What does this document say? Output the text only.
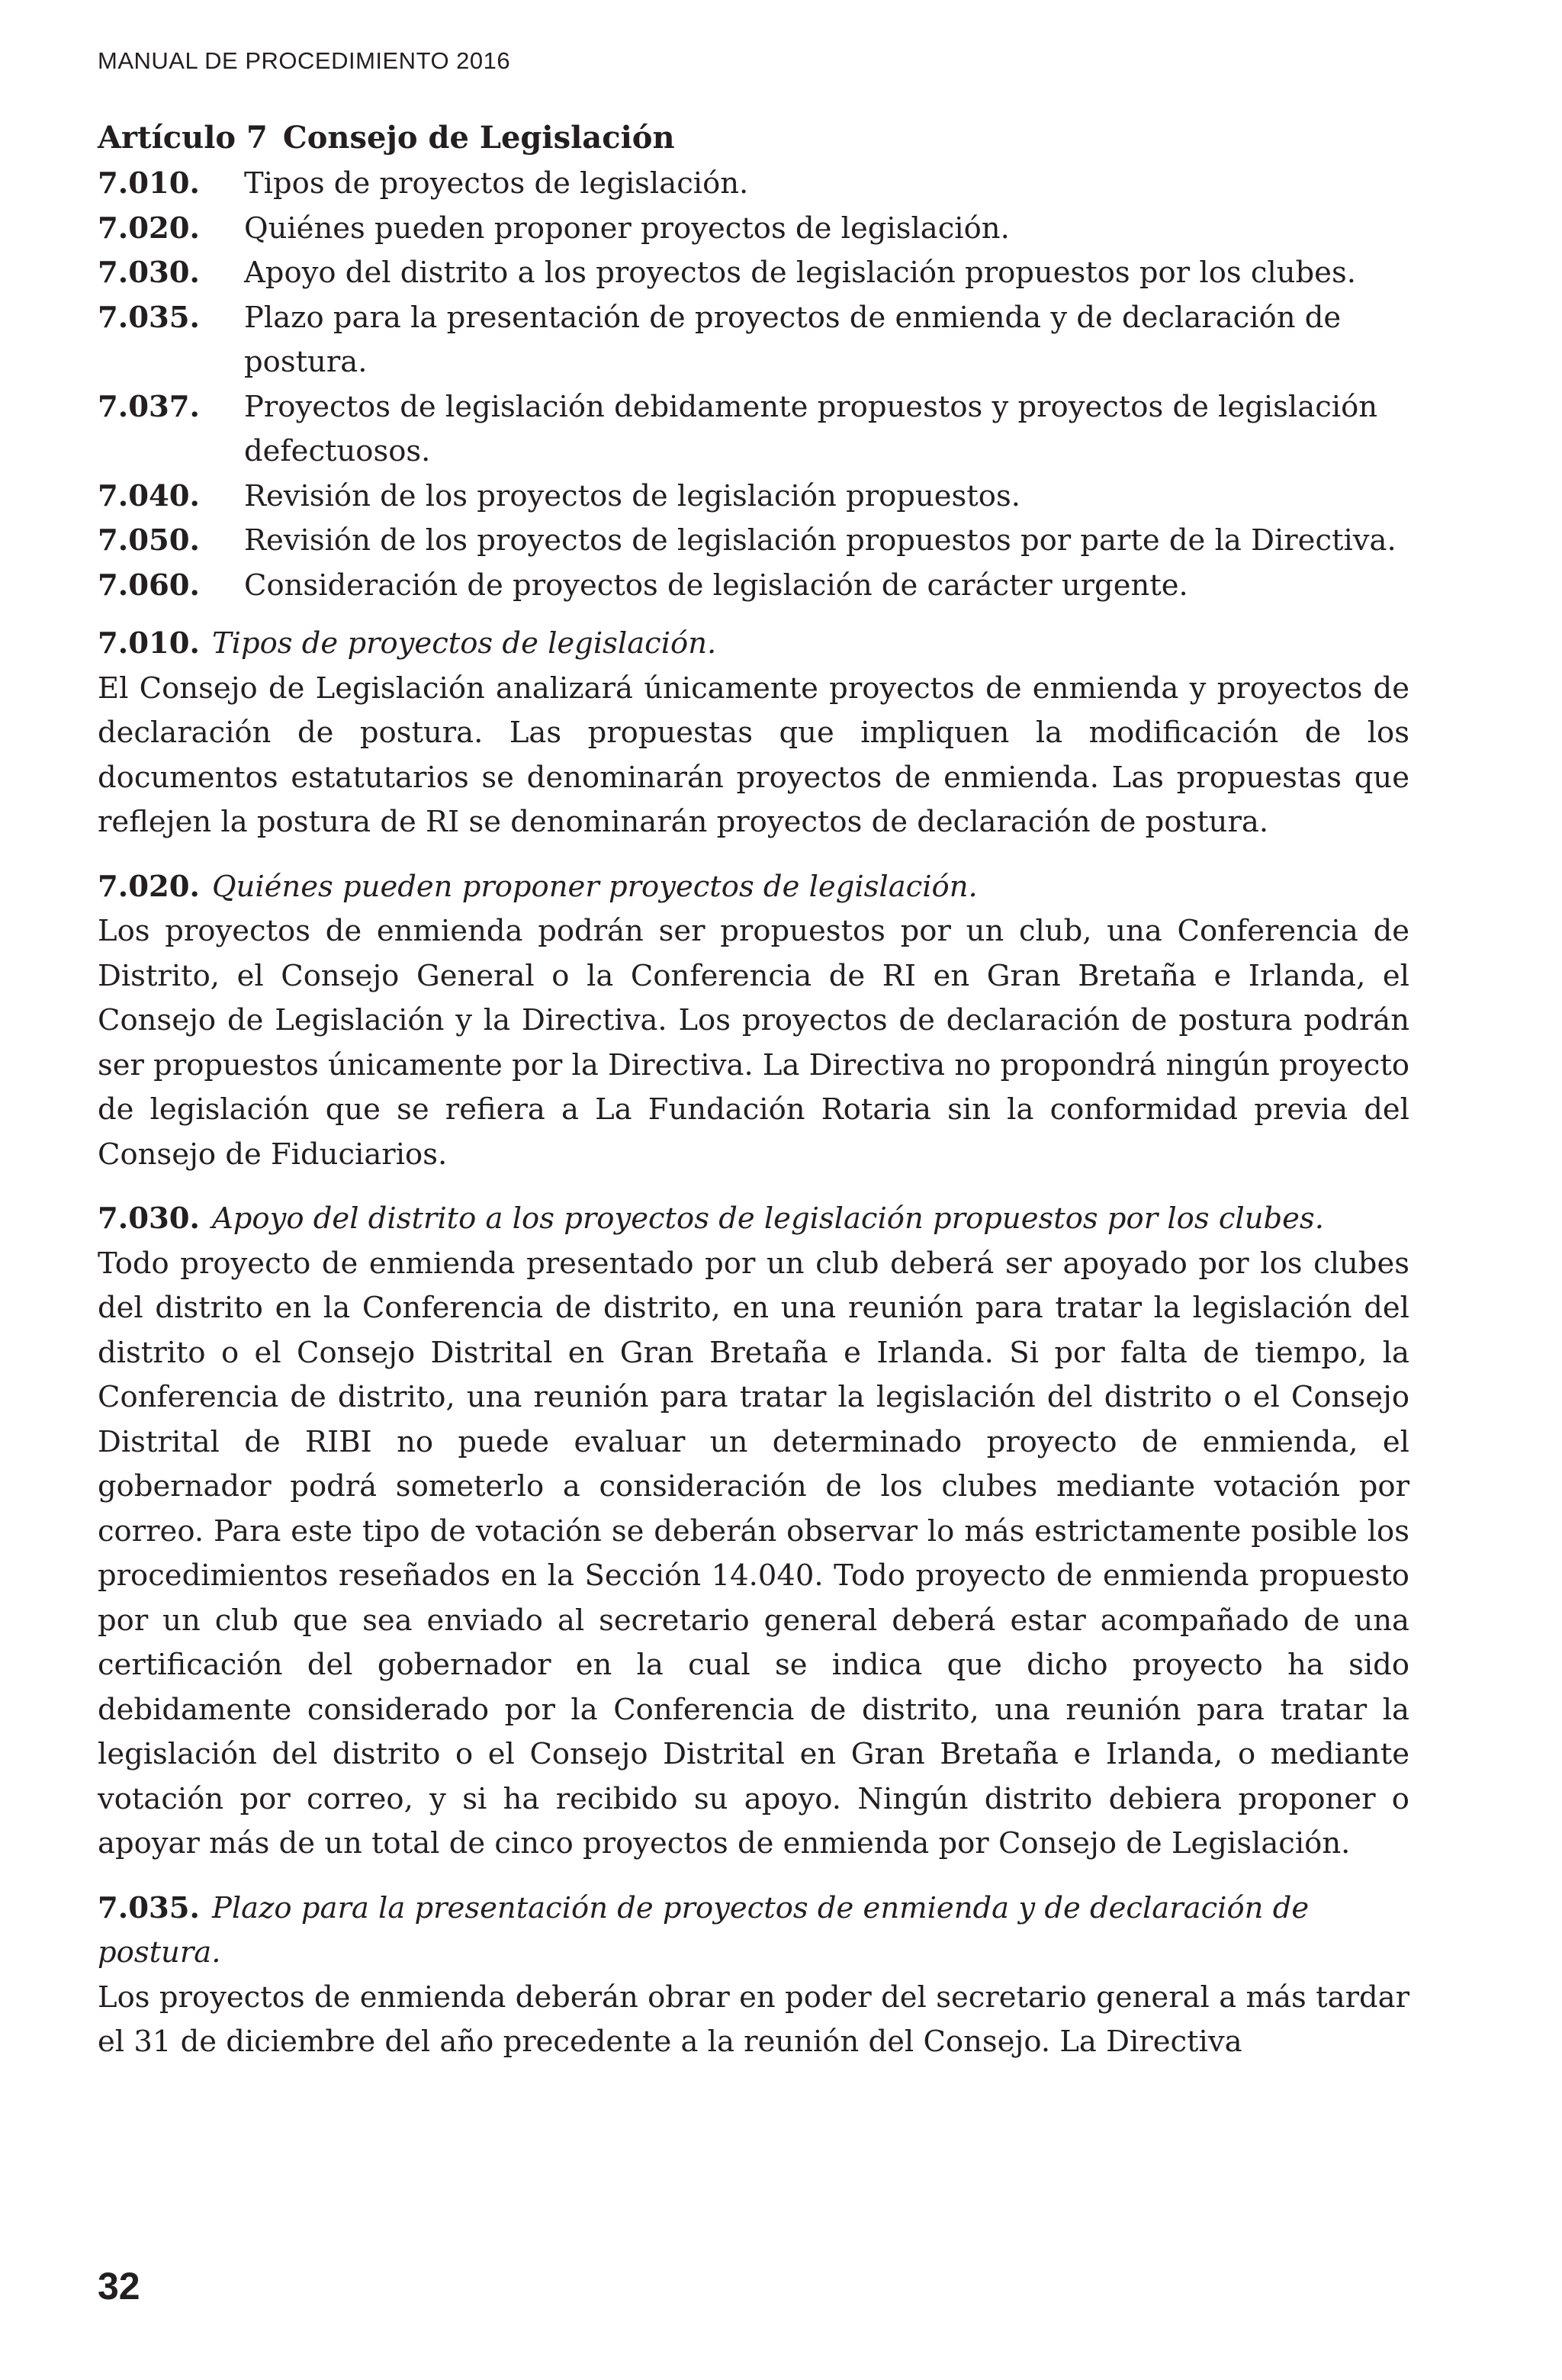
MANUAL DE PROCEDIMIENTO 2016
Artículo 7 Consejo de Legislación
7.010.	Tipos de proyectos de legislación.
7.020.	Quiénes pueden proponer proyectos de legislación.
7.030.	Apoyo del distrito a los proyectos de legislación propuestos por los clubes.
7.035.	Plazo para la presentación de proyectos de enmienda y de declaración de postura.
7.037.	Proyectos de legislación debidamente propuestos y proyectos de legislación defectuosos.
7.040.	Revisión de los proyectos de legislación propuestos.
7.050.	Revisión de los proyectos de legislación propuestos por parte de la Directiva.
7.060.	Consideración de proyectos de legislación de carácter urgente.

7.010. Tipos de proyectos de legislación.

El Consejo de Legislación analizará únicamente proyectos de enmienda y proyectos de declaración de postura. Las propuestas que impliquen la modificación de los documentos estatutarios se denominarán proyectos de enmienda. Las propuestas que reflejen la postura de RI se denominarán proyectos de declaración de postura.

7.020. Quiénes pueden proponer proyectos de legislación.

Los proyectos de enmienda podrán ser propuestos por un club, una Conferencia de Distrito, el Consejo General o la Conferencia de RI en Gran Bretaña e Irlanda, el Consejo de Legislación y la Directiva. Los proyectos de declaración de postura podrán ser propuestos únicamente por la Directiva. La Directiva no propondrá ningún proyecto de legislación que se refiera a La Fundación Rotaria sin la conformidad previa del Consejo de Fiduciarios.

7.030. Apoyo del distrito a los proyectos de legislación propuestos por los clubes.

Todo proyecto de enmienda presentado por un club deberá ser apoyado por los clubes del distrito en la Conferencia de distrito, en una reunión para tratar la legislación del distrito o el Consejo Distrital en Gran Bretaña e Irlanda. Si por falta de tiempo, la Conferencia de distrito, una reunión para tratar la legislación del distrito o el Consejo Distrital de RIBI no puede evaluar un determinado proyecto de enmienda, el gobernador podrá someterlo a consideración de los clubes mediante votación por correo. Para este tipo de votación se deberán observar lo más estrictamente posible los procedimientos reseñados en la Sección 14.040. Todo proyecto de enmienda propuesto por un club que sea enviado al secretario general deberá estar acompañado de una certificación del gobernador en la cual se indica que dicho proyecto ha sido debidamente considerado por la Conferencia de distrito, una reunión para tratar la legislación del distrito o el Consejo Distrital en Gran Bretaña e Irlanda, o mediante votación por correo, y si ha recibido su apoyo. Ningún distrito debiera proponer o apoyar más de un total de cinco proyectos de enmienda por Consejo de Legislación.

7.035. Plazo para la presentación de proyectos de enmienda y de declaración de postura.

Los proyectos de enmienda deberán obrar en poder del secretario general a más tardar el 31 de diciembre del año precedente a la reunión del Consejo. La Directiva

32
